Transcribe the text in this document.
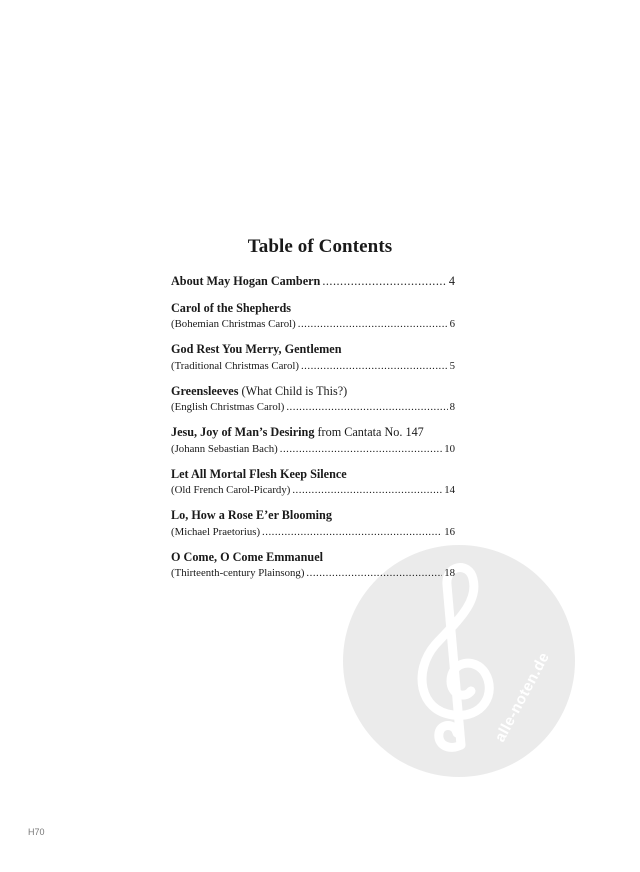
alle-noten.de
Table of Contents
About May Hogan Cambern .....	4
Carol of the Shepherds
(Bohemian Christmas Carol) .....	6
God Rest You Merry, Gentlemen
(Traditional Christmas Carol) .....	5
Greensleeves (What Child is This?)
(English Christmas Carol) .....	8
Jesu, Joy of Man’s Desiring from Cantata No. 147
(Johann Sebastian Bach) .....	10
Let All Mortal Flesh Keep Silence
(Old French Carol-Picardy) .....	14
Lo, How a Rose E’er Blooming
(Michael Praetorius) .....	16
O Come, O Come Emmanuel
(Thirteenth-century Plainsong) .....	18

H70
